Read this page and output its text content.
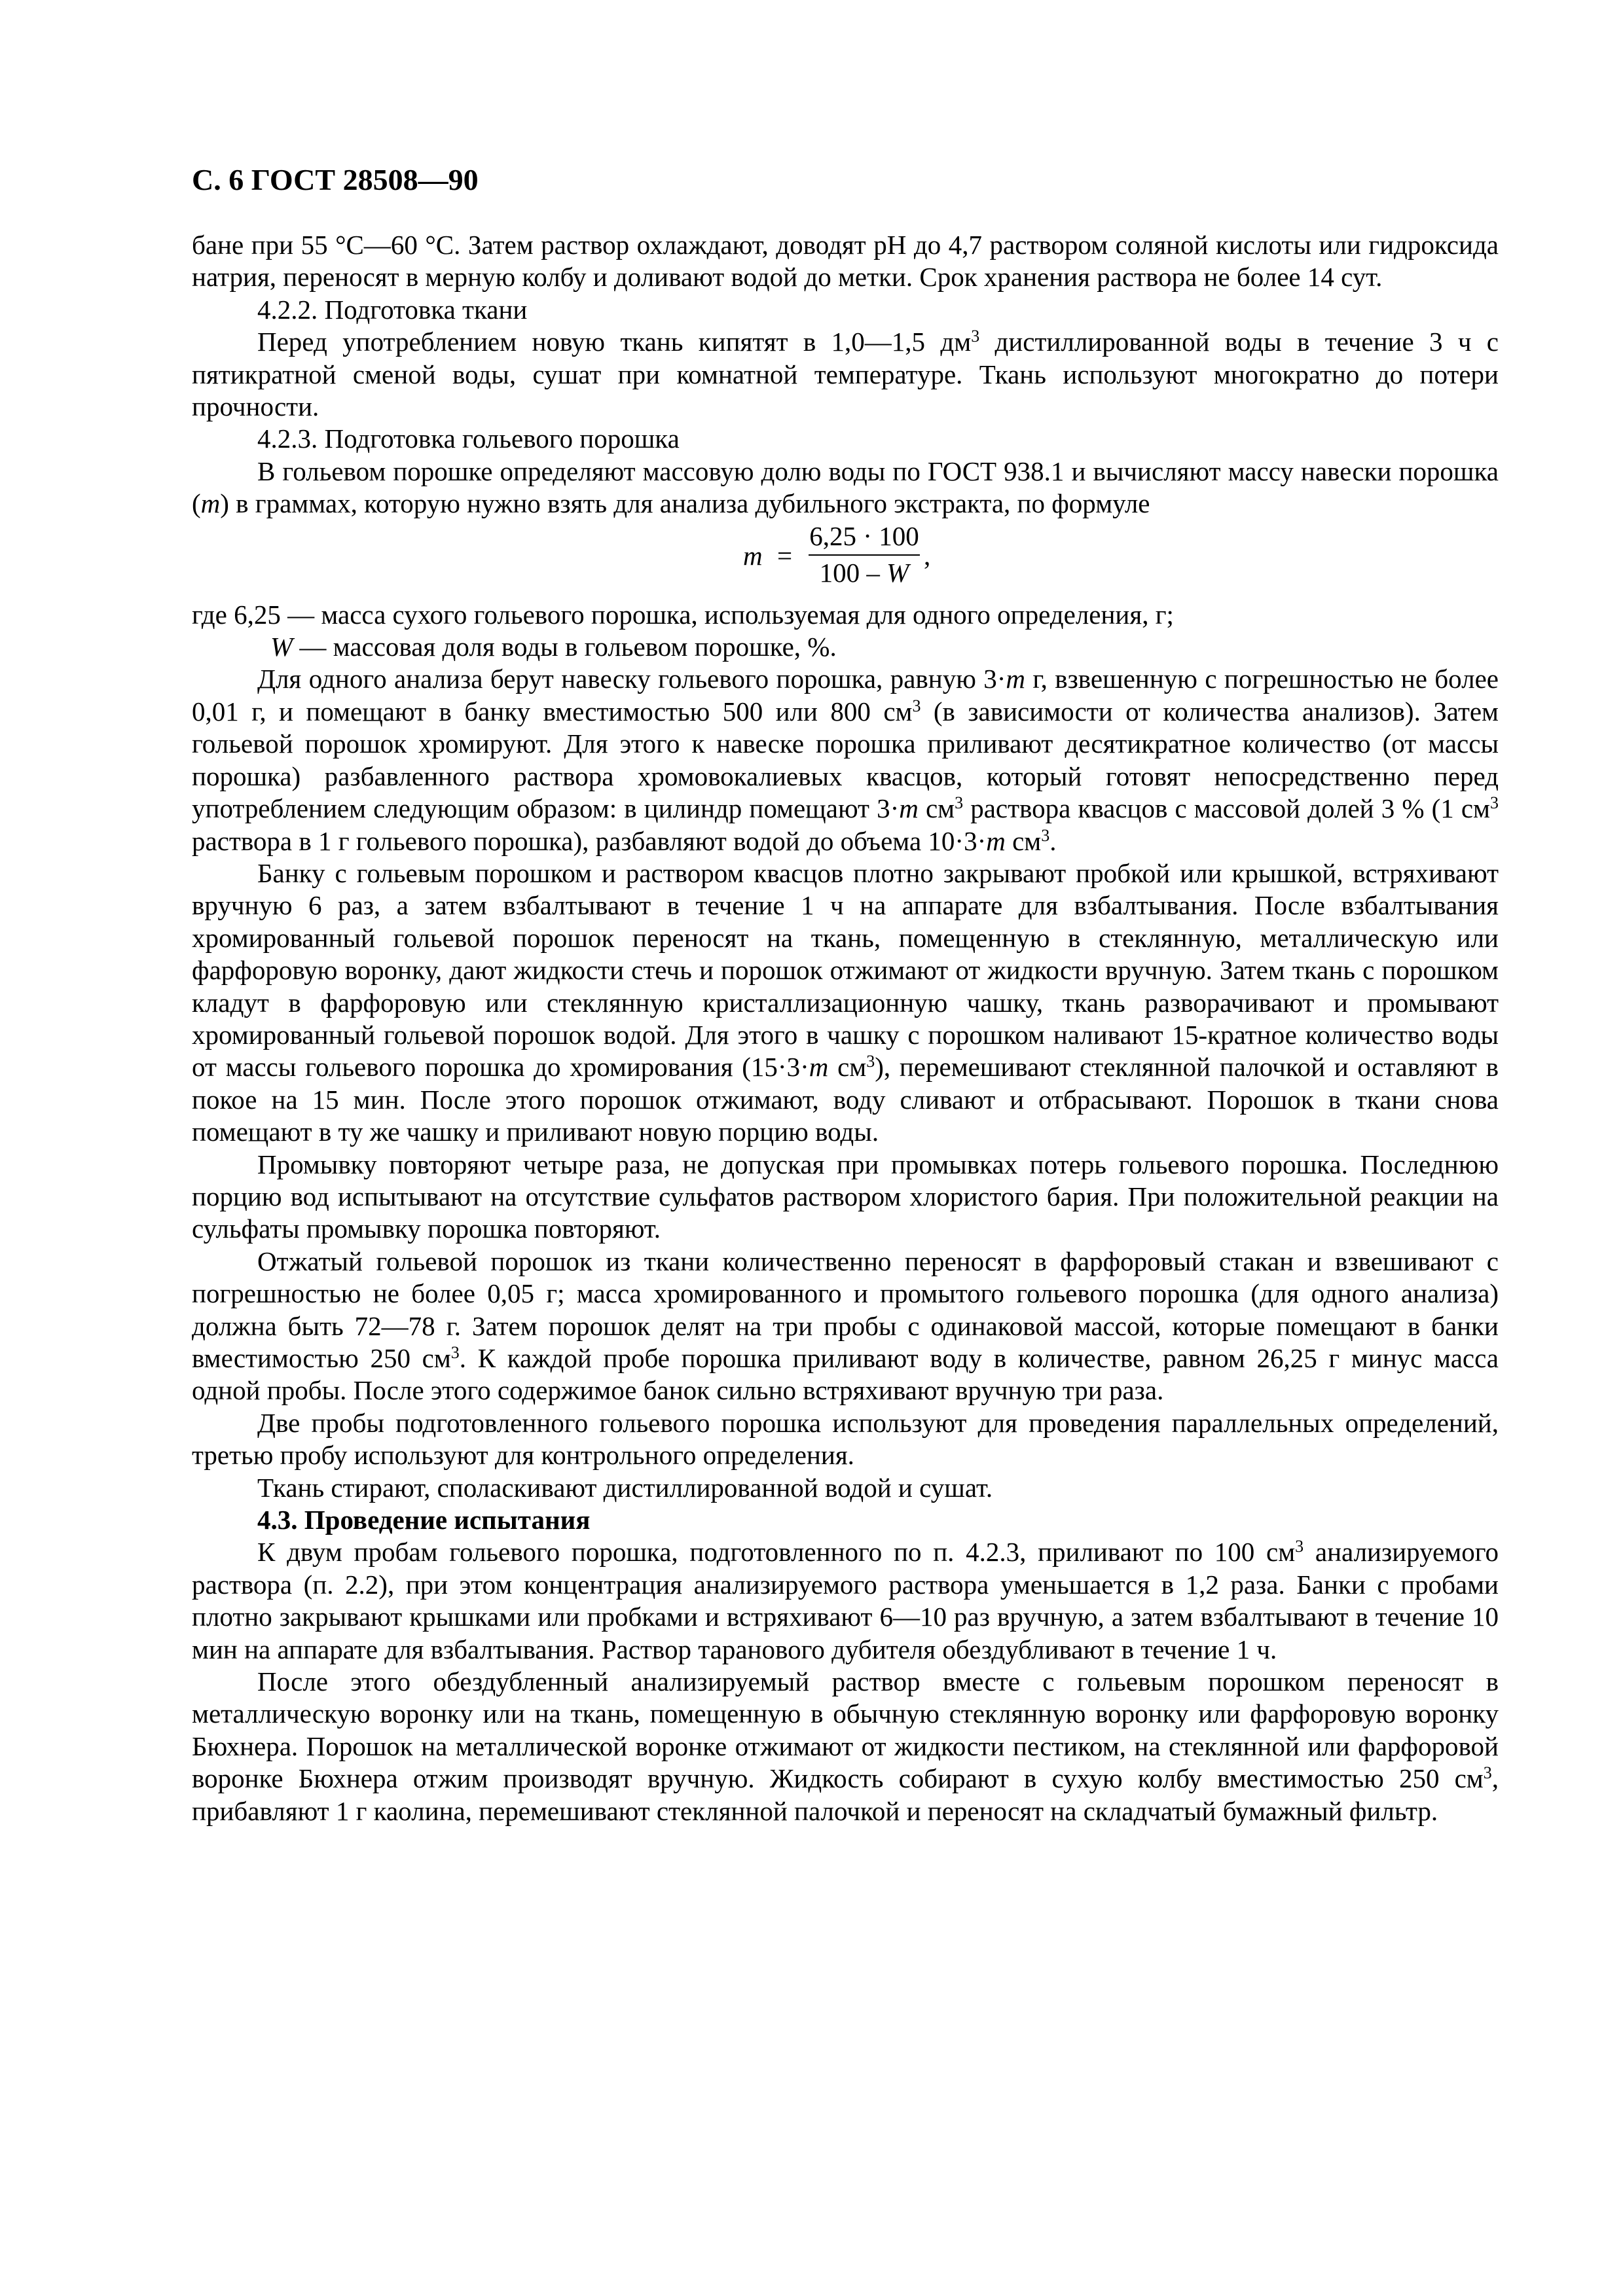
С. 6 ГОСТ 28508—90

бане при 55 °С—60 °С. Затем раствор охлаждают, доводят рН до 4,7 раствором соляной кислоты или гидроксида натрия, переносят в мерную колбу и доливают водой до метки. Срок хранения раствора не более 14 сут.

4.2.2. Подготовка ткани

Перед употреблением новую ткань кипятят в 1,0—1,5 $дм^3$ дистиллированной воды в течение 3 ч с пятикратной сменой воды, сушат при комнатной температуре. Ткань используют многократно до потери прочности.

4.2.3. Подготовка гольевого порошка

В гольевом порошке определяют массовую долю воды по ГОСТ 938.1 и вычисляют массу навески порошка (m) в граммах, которую нужно взять для анализа дубильного экстракта, по формуле

m =
6,25 · 100
100 – W
,

где 6,25 — масса сухого гольевого порошка, используемая для одного определения, г;

W — массовая доля воды в гольевом порошке, %.

Для одного анализа берут навеску гольевого порошка, равную 3·m г, взвешенную с погрешностью не более 0,01 г, и помещают в банку вместимостью 500 или 800 $см^3$ (в зависимости от количества анализов). Затем гольевой порошок хромируют. Для этого к навеске порошка приливают десятикратное количество (от массы порошка) разбавленного раствора хромовокалиевых квасцов, который готовят непосредственно перед употреблением следующим образом: в цилиндр помещают 3·m $см^3$ раствора квасцов с массовой долей 3 % (1 $см^3$ раствора в 1 г гольевого порошка), разбавляют водой до объема 10·3·m $см^3$.

Банку с гольевым порошком и раствором квасцов плотно закрывают пробкой или крышкой, встряхивают вручную 6 раз, а затем взбалтывают в течение 1 ч на аппарате для взбалтывания. После взбалтывания хромированный гольевой порошок переносят на ткань, помещенную в стеклянную, металлическую или фарфоровую воронку, дают жидкости стечь и порошок отжимают от жидкости вручную. Затем ткань с порошком кладут в фарфоровую или стеклянную кристаллизационную чашку, ткань разворачивают и промывают хромированный гольевой порошок водой. Для этого в чашку с порошком наливают 15-кратное количество воды от массы гольевого порошка до хромирования (15·3·m $см^3$), перемешивают стеклянной палочкой и оставляют в покое на 15 мин. После этого порошок отжимают, воду сливают и отбрасывают. Порошок в ткани снова помещают в ту же чашку и приливают новую порцию воды.

Промывку повторяют четыре раза, не допуская при промывках потерь гольевого порошка. Последнюю порцию вод испытывают на отсутствие сульфатов раствором хлористого бария. При положительной реакции на сульфаты промывку порошка повторяют.

Отжатый гольевой порошок из ткани количественно переносят в фарфоровый стакан и взвешивают с погрешностью не более 0,05 г; масса хромированного и промытого гольевого порошка (для одного анализа) должна быть 72—78 г. Затем порошок делят на три пробы с одинаковой массой, которые помещают в банки вместимостью 250 $см^3$. К каждой пробе порошка приливают воду в количестве, равном 26,25 г минус масса одной пробы. После этого содержимое банок сильно встряхивают вручную три раза.

Две пробы подготовленного гольевого порошка используют для проведения параллельных определений, третью пробу используют для контрольного определения.

Ткань стирают, споласкивают дистиллированной водой и сушат.

4.3. Проведение испытания

К двум пробам гольевого порошка, подготовленного по п. 4.2.3, приливают по 100 $см^3$ анализируемого раствора (п. 2.2), при этом концентрация анализируемого раствора уменьшается в 1,2 раза. Банки с пробами плотно закрывают крышками или пробками и встряхивают 6—10 раз вручную, а затем взбалтывают в течение 10 мин на аппарате для взбалтывания. Раствор таранового дубителя обездубливают в течение 1 ч.

После этого обездубленный анализируемый раствор вместе с гольевым порошком переносят в металлическую воронку или на ткань, помещенную в обычную стеклянную воронку или фарфоровую воронку Бюхнера. Порошок на металлической воронке отжимают от жидкости пестиком, на стеклянной или фарфоровой воронке Бюхнера отжим производят вручную. Жидкость собирают в сухую колбу вместимостью 250 $см^3$, прибавляют 1 г каолина, перемешивают стеклянной палочкой и переносят на складчатый бумажный фильтр.
